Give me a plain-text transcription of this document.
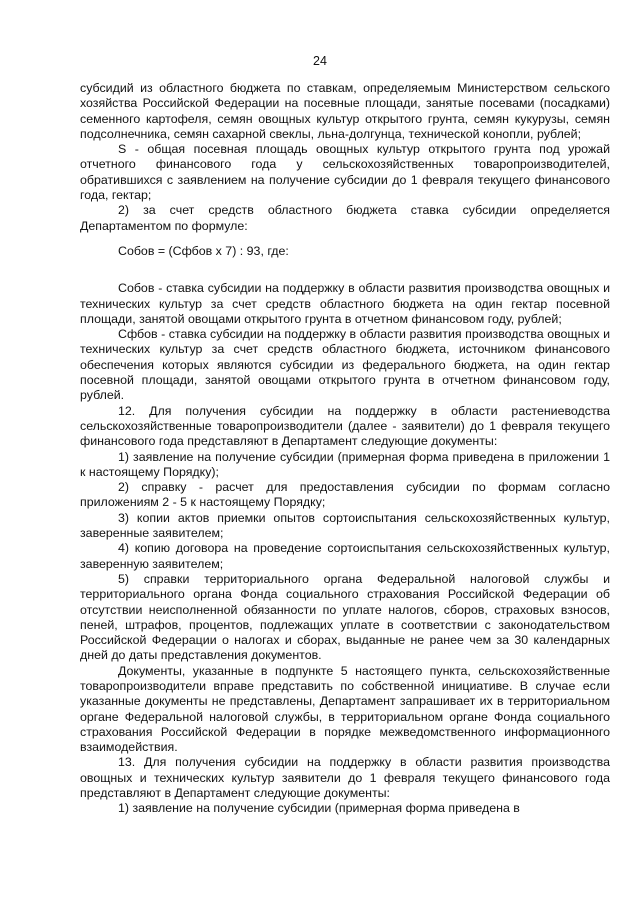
24

субсидий из областного бюджета по ставкам, определяемым Министерством сельского хозяйства Российской Федерации на посевные площади, занятые посевами (посадками) семенного картофеля, семян овощных культур открытого грунта, семян кукурузы, семян подсолнечника, семян сахарной свеклы, льна-долгунца, технической конопли, рублей;

S - общая посевная площадь овощных культур открытого грунта под урожай отчетного финансового года у сельскохозяйственных товаропроизводителей, обратившихся с заявлением на получение субсидии до 1 февраля текущего финансового года, гектар;

2) за счет средств областного бюджета ставка субсидии определяется Департаментом по формуле:

Собов = (Сфбов x 7) : 93, где:

Собов - ставка субсидии на поддержку в области развития производства овощных и технических культур за счет средств областного бюджета на один гектар посевной площади, занятой овощами открытого грунта в отчетном финансовом году, рублей;

Сфбов - ставка субсидии на поддержку в области развития производства овощных и технических культур за счет средств областного бюджета, источником финансового обеспечения которых являются субсидии из федерального бюджета, на один гектар посевной площади, занятой овощами открытого грунта в отчетном финансовом году, рублей.

12. Для получения субсидии на поддержку в области растениеводства сельскохозяйственные товаропроизводители (далее - заявители) до 1 февраля текущего финансового года представляют в Департамент следующие документы:

1) заявление на получение субсидии (примерная форма приведена в приложении 1 к настоящему Порядку);

2) справку - расчет для предоставления субсидии по формам согласно приложениям 2 - 5 к настоящему Порядку;

3) копии актов приемки опытов сортоиспытания сельскохозяйственных культур, заверенные заявителем;

4) копию договора на проведение сортоиспытания сельскохозяйственных культур, заверенную заявителем;

5) справки территориального органа Федеральной налоговой службы и территориального органа Фонда социального страхования Российской Федерации об отсутствии неисполненной обязанности по уплате налогов, сборов, страховых взносов, пеней, штрафов, процентов, подлежащих уплате в соответствии с законодательством Российской Федерации о налогах и сборах, выданные не ранее чем за 30 календарных дней до даты представления документов.

Документы, указанные в подпункте 5 настоящего пункта, сельскохозяйственные товаропроизводители вправе представить по собственной инициативе. В случае если указанные документы не представлены, Департамент запрашивает их в территориальном органе Федеральной налоговой службы, в территориальном органе Фонда социального страхования Российской Федерации в порядке межведомственного информационного взаимодействия.

13. Для получения субсидии на поддержку в области развития производства овощных и технических культур заявители до 1 февраля текущего финансового года представляют в Департамент следующие документы:

1) заявление на получение субсидии (примерная форма приведена в
